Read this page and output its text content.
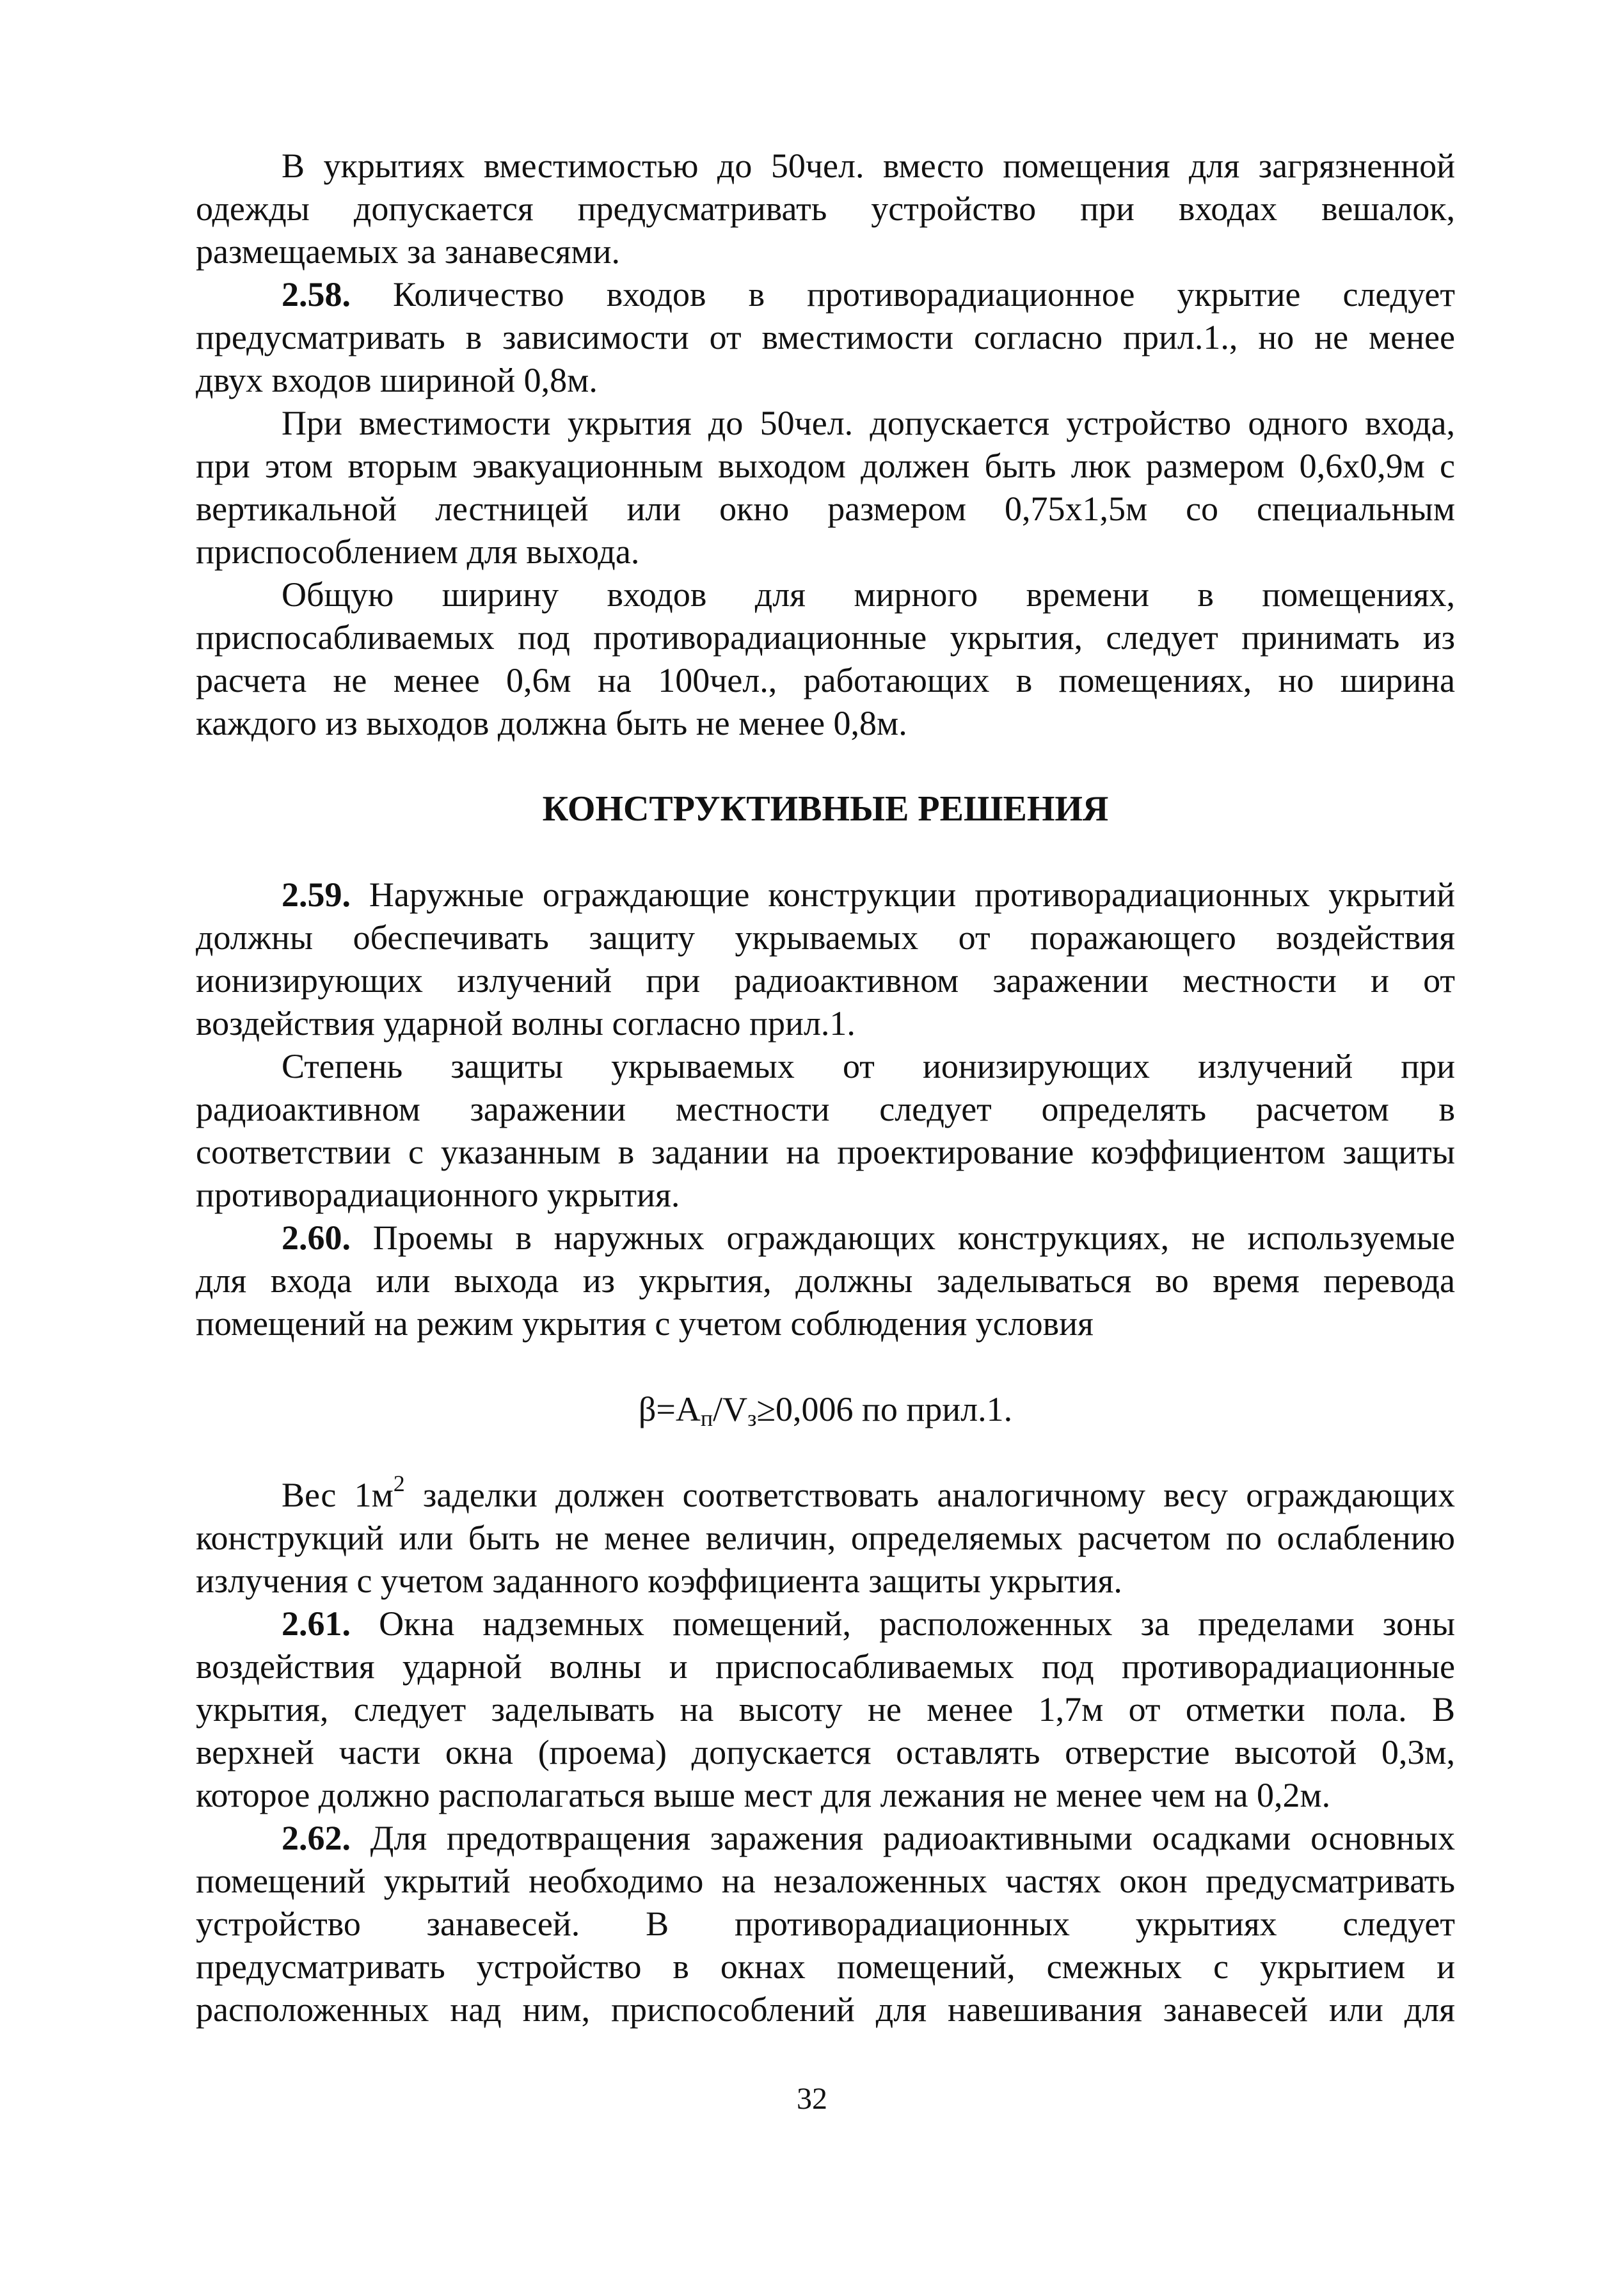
В укрытиях вместимостью до 50чел. вместо помещения для загрязненной

одежды допускается предусматривать устройство при входах вешалок,

размещаемых за занавесями.

2.58. Количество входов в противорадиационное укрытие следует

предусматривать в зависимости от вместимости согласно прил.1., но не менее

двух входов шириной 0,8м.

При вместимости укрытия до 50чел. допускается устройство одного входа,

при этом вторым эвакуационным выходом должен быть люк размером 0,6х0,9м с

вертикальной лестницей или окно размером 0,75х1,5м со специальным

приспособлением для выхода.

Общую ширину входов для мирного времени в помещениях,

приспосабливаемых под противорадиационные укрытия, следует принимать из

расчета не менее 0,6м на 100чел., работающих в помещениях, но ширина

каждого из выходов должна быть не менее 0,8м.

КОНСТРУКТИВНЫЕ РЕШЕНИЯ

2.59. Наружные ограждающие конструкции противорадиационных укрытий

должны обеспечивать защиту укрываемых от поражающего воздействия

ионизирующих излучений при радиоактивном заражении местности и от

воздействия ударной волны согласно прил.1.

Степень защиты укрываемых от ионизирующих излучений при

радиоактивном заражении местности следует определять расчетом в

соответствии с указанным в задании на проектирование коэффициентом защиты

противорадиационного укрытия.

2.60. Проемы в наружных ограждающих конструкциях, не используемые

для входа или выхода из укрытия, должны заделываться во время перевода

помещений на режим укрытия с учетом соблюдения условия

$\beta=A_п/V_з\ge 0,006$ по прил.1.

Вес $1м^2$ заделки должен соответствовать аналогичному весу ограждающих

конструкций или быть не менее величин, определяемых расчетом по ослаблению

излучения с учетом заданного коэффициента защиты укрытия.

2.61. Окна надземных помещений, расположенных за пределами зоны

воздействия ударной волны и приспосабливаемых под противорадиационные

укрытия, следует заделывать на высоту не менее 1,7м от отметки пола. В

верхней части окна (проема) допускается оставлять отверстие высотой 0,3м,

которое должно располагаться выше мест для лежания не менее чем на 0,2м.

2.62. Для предотвращения заражения радиоактивными осадками основных

помещений укрытий необходимо на незаложенных частях окон предусматривать

устройство занавесей. В противорадиационных укрытиях следует

предусматривать устройство в окнах помещений, смежных с укрытием и

расположенных над ним, приспособлений для навешивания занавесей или для

32
